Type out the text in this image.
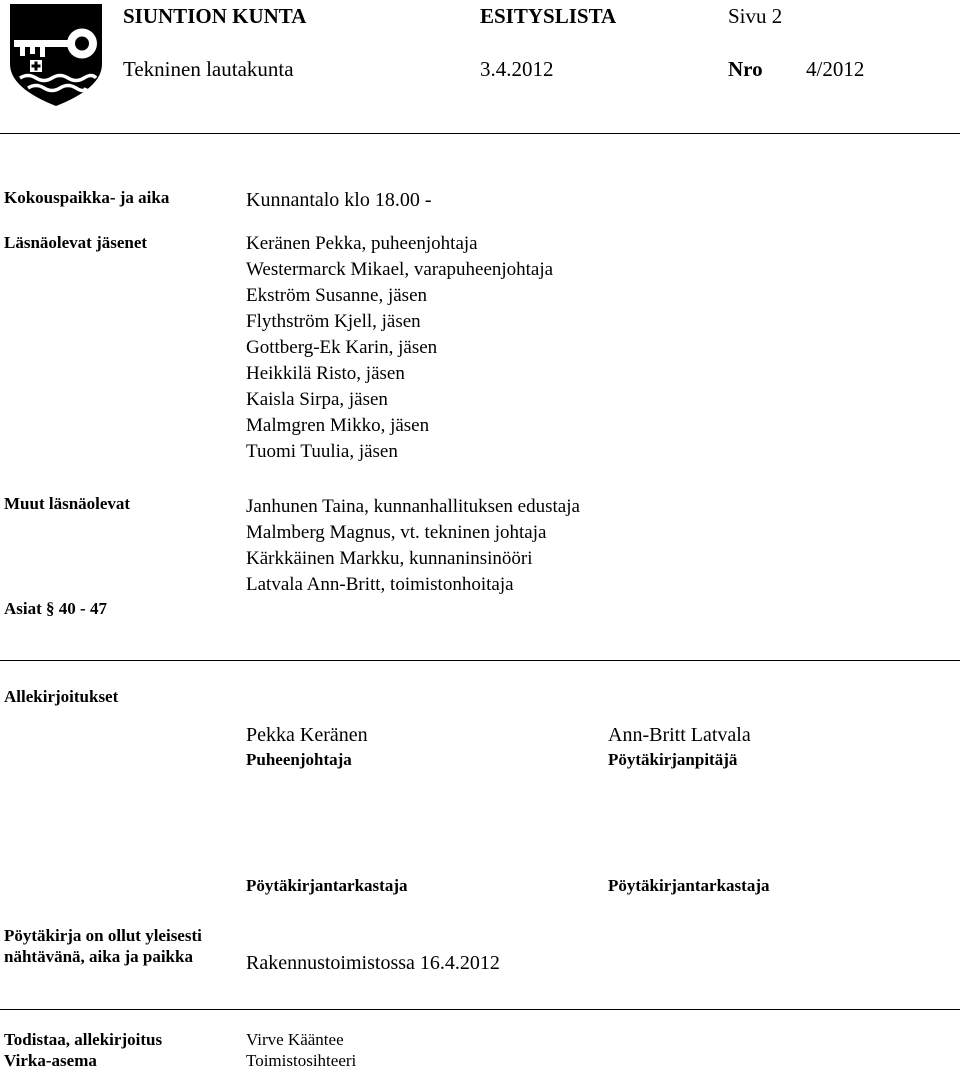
SIUNTION KUNTA	ESITYSLISTA	Sivu 2
Tekninen lautakunta	3.4.2012	Nro 4/2012
Kokouspaikka- ja aika	Kunnantalo klo 18.00 -
Läsnäolevat jäsenet	Keränen Pekka, puheenjohtaja
Westermarck Mikael, varapuheenjohtaja
Ekström Susanne, jäsen
Flythström Kjell, jäsen
Gottberg-Ek Karin, jäsen
Heikkilä Risto, jäsen
Kaisla Sirpa, jäsen
Malmgren Mikko, jäsen
Tuomi Tuulia, jäsen
Muut läsnäolevat	Janhunen Taina, kunnanhallituksen edustaja
Malmberg Magnus, vt. tekninen johtaja
Kärkkäinen Markku, kunnaninsinööri
Latvala Ann-Britt, toimistonhoitaja
Asiat § 40 - 47
Allekirjoitukset
Pekka Keränen
Puheenjohtaja
Ann-Britt Latvala
Pöytäkirjanpitäjä
Pöytäkirjantarkastaja	Pöytäkirjantarkastaja
Pöytäkirja on ollut yleisesti
nähtävänä, aika ja paikka	Rakennustoimistossa 16.4.2012
Todistaa, allekirjoitus
Virka-asema
Virve Kääntee
Toimistosihteeri
